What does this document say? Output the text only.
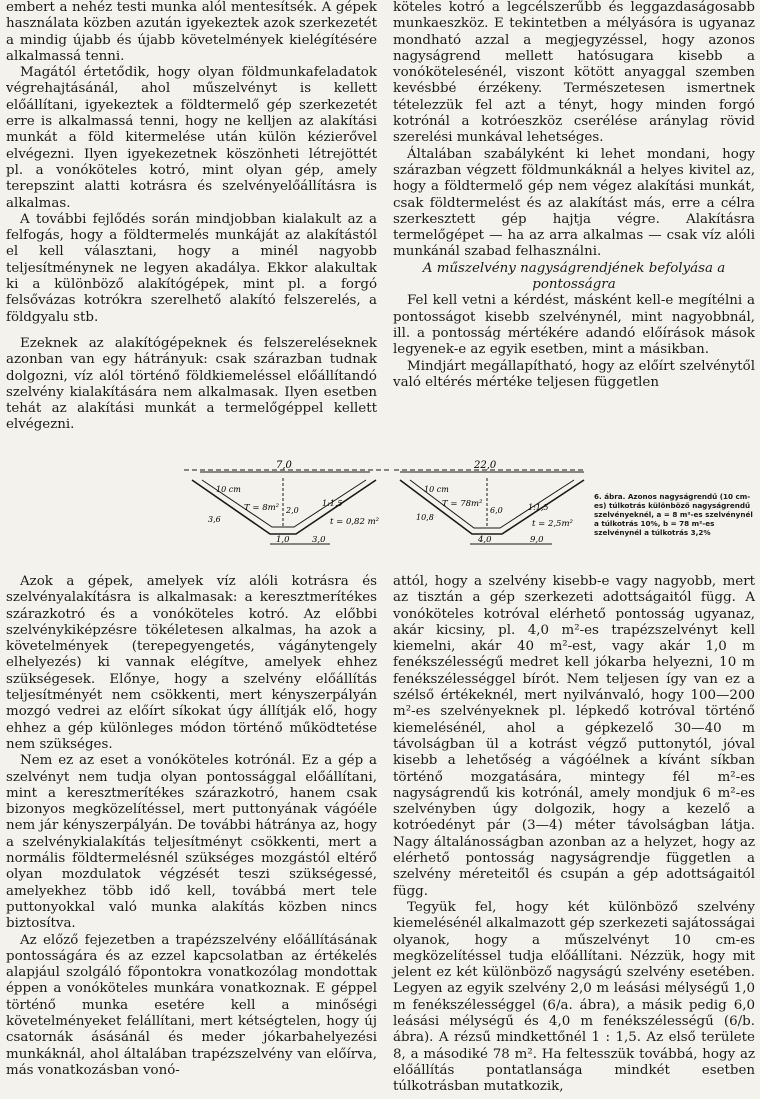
embert a nehéz testi munka alól mentesítsék. A gépek használata közben azután igyekeztek azok szerkezetét a mindig újabb és újabb követelmények kielégítésére alkalmassá tenni.

Magától értetődik, hogy olyan földmunkafeladatok végrehajtásánál, ahol műszelvényt is kellett előállítani, igyekeztek a földtermelő gép szerkezetét erre is alkalmassá tenni, hogy ne kelljen az alakítási munkát a föld kitermelése után külön kézierővel elvégezni. Ilyen igyekezetnek köszönheti létrejöttét pl. a vonóköteles kotró, mint olyan gép, amely terepszint alatti kotrásra és szelvényelőállításra is alkalmas.

A további fejlődés során mindjobban kialakult az a felfogás, hogy a földtermelés munkáját az alakítástól el kell választani, hogy a minél nagyobb teljesítménynek ne legyen akadálya. Ekkor alakultak ki a különböző alakítógépek, mint pl. a forgó felsővázas kotrókra szerelhető alakító felszerelés, a földgyalu stb.

Ezeknek az alakítógépeknek és felszereléseknek azonban van egy hátrányuk: csak szárazban tudnak dolgozni, víz alól történő földkiemeléssel előállítandó szelvény kialakítására nem alkalmasak. Ilyen esetben tehát az alakítási munkát a termelőgéppel kellett elvégezni.

köteles kotró a legcélszerűbb és leggazdaságosabb munkaeszköz. E tekintetben a mélyásóra is ugyanaz mondható azzal a megjegyzéssel, hogy azonos nagyságrend mellett hatósugara kisebb a vonókötelesénél, viszont kötött anyaggal szemben kevésbbé érzékeny. Természetesen ismertnek tételezzük fel azt a tényt, hogy minden forgó kotrónál a kotróeszköz cserélése aránylag rövid szerelési munkával lehetséges.

Általában szabályként ki lehet mondani, hogy szárazban végzett földmunkáknál a helyes kivitel az, hogy a földtermelő gép nem végez alakítási munkát, csak földtermelést és az alakítást más, erre a célra szerkesztett gép hajtja végre. Alakításra termelőgépet — ha az arra alkalmas — csak víz alóli munkánál szabad felhasználni.

A műszelvény nagyságrendjének befolyása a pontosságra

Fel kell vetni a kérdést, másként kell-e megítélni a pontosságot kisebb szelvénynél, mint nagyobbnál, ill. a pontosság mértékére adandó előírások mások legyenek-e az egyik esetben, mint a másikban.

Mindjárt megállapítható, hogy az előírt szelvénytől való eltérés mértéke teljesen független

7,0
10 cm
T = 8m² 2,0
1:1,5
t = 0,82 m²
3,6
1,0	3,0
22,0
10 cm
T = 78m²
6,0	1:1,5
t = 2,5m²
10,8
4,0	9,0
6. ábra. Azonos nagyságrendű (10 cm-es) túlkotrás különböző nagyságrendű szelvényeknél, a = 8 m²-es szelvénynél a túlkotrás 10%, b = 78 m²-es szelvénynél a túlkotrás 3,2%

Azok a gépek, amelyek víz alóli kotrásra és szelvényalakításra is alkalmasak: a keresztmerítékes szárazkotró és a vonóköteles kotró. Az előbbi szelvénykiképzésre tökéletesen alkalmas, ha azok a követelmények (terepegyengetés, vágánytengely elhelyezés) ki vannak elégítve, amelyek ehhez szükségesek. Előnye, hogy a szelvény előállítás teljesítményét nem csökkenti, mert kényszerpályán mozgó vedrei az előírt síkokat úgy állítják elő, hogy ehhez a gép különleges módon történő működtetése nem szükséges.

Nem ez az eset a vonóköteles kotrónál. Ez a gép a szelvényt nem tudja olyan pontossággal előállítani, mint a keresztmerítékes szárazkotró, hanem csak bizonyos megközelítéssel, mert puttonyának vágóéle nem jár kényszerpályán. De további hátránya az, hogy a szelvénykialakítás teljesítményt csökkenti, mert a normális földtermelésnél szükséges mozgástól eltérő olyan mozdulatok végzését teszi szükségessé, amelyekhez több idő kell, továbbá mert tele puttonyokkal való munka alakítás közben nincs biztosítva.

Az előző fejezetben a trapézszelvény előállításának pontosságára és az ezzel kapcsolatban az értékelés alapjául szolgáló főpontokra vonatkozólag mondottak éppen a vonóköteles munkára vonatkoznak. E géppel történő munka esetére kell a minőségi követelményeket felállítani, mert kétségtelen, hogy új csatornák ásásánál és meder jókarbahelyezési munkáknál, ahol általában trapézszelvény van előírva, más vonatkozásban vonó-

attól, hogy a szelvény kisebb-e vagy nagyobb, mert az tisztán a gép szerkezeti adottságaitól függ. A vonóköteles kotróval elérhető pontosság ugyanaz, akár kicsiny, pl. 4,0 m²-es trapézszelvényt kell kiemelni, akár 40 m²-est, vagy akár 1,0 m fenékszélességű medret kell jókarba helyezni, 10 m fenékszélességgel bírót. Nem teljesen így van ez a szélső értékeknél, mert nyilvánvaló, hogy 100—200 m²-es szelvényeknek pl. lépkedő kotróval történő kiemelésénél, ahol a gépkezelő 30—40 m távolságban ül a kotrást végző puttonytól, jóval kisebb a lehetőség a vágóélnek a kívánt síkban történő mozgatására, mintegy fél m²-es nagyságrendű kis kotrónál, amely mondjuk 6 m²-es szelvényben úgy dolgozik, hogy a kezelő a kotróedényt pár (3—4) méter távolságban látja. Nagy általánosságban azonban az a helyzet, hogy az elérhető pontosság nagyságrendje független a szelvény méreteitől és csupán a gép adottságaitól függ.

Tegyük fel, hogy két különböző szelvény kiemelésénél alkalmazott gép szerkezeti sajátosságai olyanok, hogy a műszelvényt 10 cm-es megközelítéssel tudja előállítani. Nézzük, hogy mit jelent ez két különböző nagyságú szelvény esetében. Legyen az egyik szelvény 2,0 m leásási mélységű 1,0 m fenékszélességgel (6/a. ábra), a másik pedig 6,0 leásási mélységű és 4,0 m fenékszélességű (6/b. ábra). A rézsű mindkettőnél 1 : 1,5. Az első területe 8, a másodiké 78 m². Ha feltesszük továbbá, hogy az előállítás pontatlansága mindkét esetben túlkotrásban mutatkozik,
